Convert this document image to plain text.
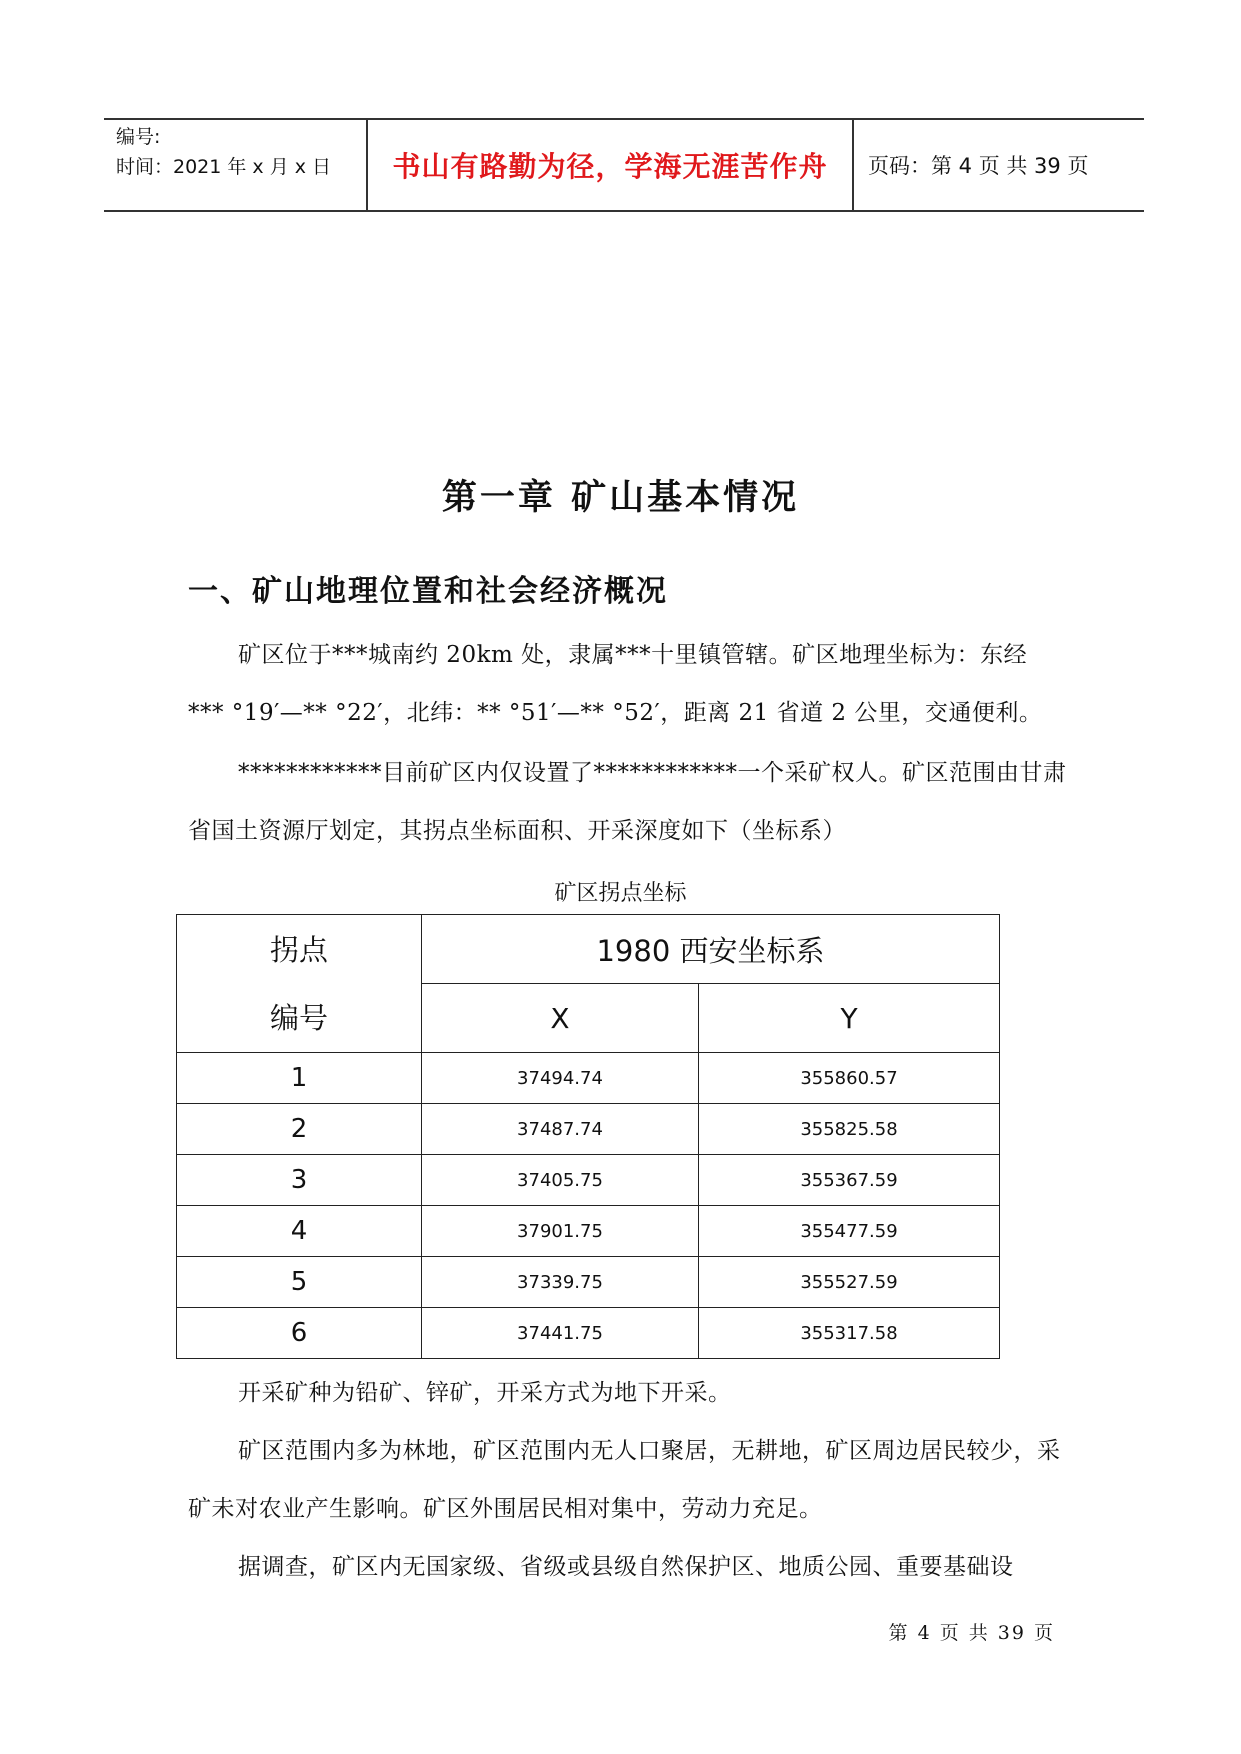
编号:
时间：2021 年 x 月 x 日	书山有路勤为径，学海无涯苦作舟	页码：第 4 页 共 39 页
第一章 矿山基本情况
一、矿山地理位置和社会经济概况
矿区位于***城南约 20km 处，隶属***十里镇管辖。矿区地理坐标为：东经 *** °19′—** °22′，北纬：** °51′—** °52′，距离 21 省道 2 公里，交通便利。
************目前矿区内仅设置了************一个采矿权人。矿区范围由甘肃省国土资源厅划定，其拐点坐标面积、开采深度如下（坐标系）
矿区拐点坐标
拐点
编号	1980 西安坐标系	
	X	Y
1	37494.74	355860.57
2	37487.74	355825.58
3	37405.75	355367.59
4	37901.75	355477.59
5	37339.75	355527.59
6	37441.75	355317.58
开采矿种为铅矿、锌矿，开采方式为地下开采。
矿区范围内多为林地，矿区范围内无人口聚居，无耕地，矿区周边居民较少，采矿未对农业产生影响。矿区外围居民相对集中，劳动力充足。
据调查，矿区内无国家级、省级或县级自然保护区、地质公园、重要基础设
第 4 页 共 39 页
